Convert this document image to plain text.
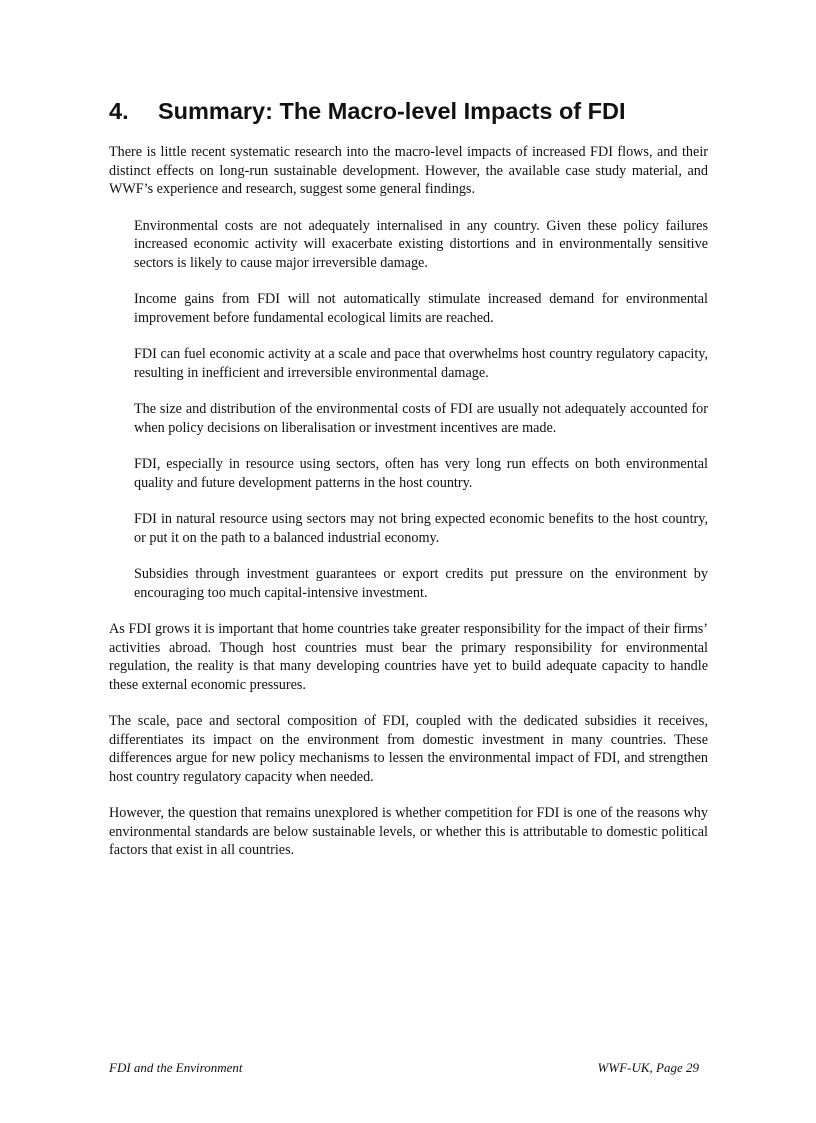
4. Summary: The Macro-level Impacts of FDI

There is little recent systematic research into the macro-level impacts of increased FDI flows, and their distinct effects on long-run sustainable development. However, the available case study material, and WWF’s experience and research, suggest some general findings.

Environmental costs are not adequately internalised in any country. Given these policy failures increased economic activity will exacerbate existing distortions and in environmentally sensitive sectors is likely to cause major irreversible damage.
Income gains from FDI will not automatically stimulate increased demand for environmental improvement before fundamental ecological limits are reached.
FDI can fuel economic activity at a scale and pace that overwhelms host country regulatory capacity, resulting in inefficient and irreversible environmental damage.
The size and distribution of the environmental costs of FDI are usually not adequately accounted for when policy decisions on liberalisation or investment incentives are made.
FDI, especially in resource using sectors, often has very long run effects on both environmental quality and future development patterns in the host country.
FDI in natural resource using sectors may not bring expected economic benefits to the host country, or put it on the path to a balanced industrial economy.
Subsidies through investment guarantees or export credits put pressure on the environment by encouraging too much capital-intensive investment.

As FDI grows it is important that home countries take greater responsibility for the impact of their firms’ activities abroad. Though host countries must bear the primary responsibility for environmental regulation, the reality is that many developing countries have yet to build adequate capacity to handle these external economic pressures.

The scale, pace and sectoral composition of FDI, coupled with the dedicated subsidies it receives, differentiates its impact on the environment from domestic investment in many countries. These differences argue for new policy mechanisms to lessen the environmental impact of FDI, and strengthen host country regulatory capacity when needed.

However, the question that remains unexplored is whether competition for FDI is one of the reasons why environmental standards are below sustainable levels, or whether this is attributable to domestic political factors that exist in all countries.

FDI and the Environment	WWF-UK, Page 29
